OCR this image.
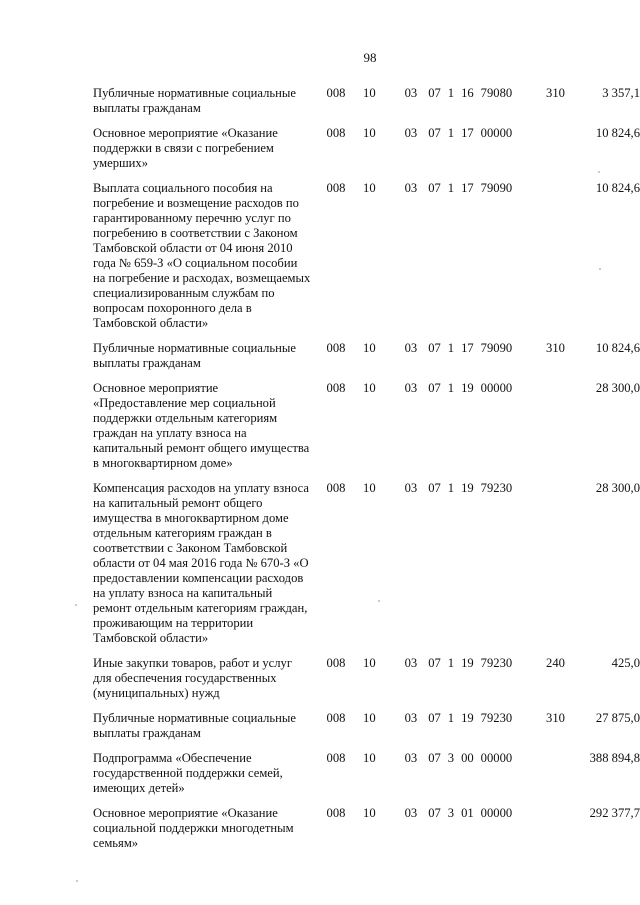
98
Публичные нормативные социальные выплаты гражданам	008	10	03	07 1 16 79080	310	3 357,1
Основное мероприятие «Оказание поддержки в связи с погребением умерших»	008	10	03	07 1 17 00000		10 824,6
Выплата социального пособия на погребение и возмещение расходов по гарантированному перечню услуг по погребению в соответствии с Законом Тамбовской области от 04 июня 2010 года № 659-З «О социальном пособии на погребение и расходах, возмещаемых специализированным службам по вопросам похоронного дела в Тамбовской области»	008	10	03	07 1 17 79090		10 824,6
Публичные нормативные социальные выплаты гражданам	008	10	03	07 1 17 79090	310	10 824,6
Основное мероприятие «Предоставление мер социальной поддержки отдельным категориям граждан на уплату взноса на капитальный ремонт общего имущества в многоквартирном доме»	008	10	03	07 1 19 00000		28 300,0
Компенсация расходов на уплату взноса на капитальный ремонт общего имущества в многоквартирном доме отдельным категориям граждан в соответствии с Законом Тамбовской области от 04 мая 2016 года № 670-З «О предоставлении компенсации расходов на уплату взноса на капитальный ремонт отдельным категориям граждан, проживающим на территории Тамбовской области»	008	10	03	07 1 19 79230		28 300,0
Иные закупки товаров, работ и услуг для обеспечения государственных (муниципальных) нужд	008	10	03	07 1 19 79230	240	425,0
Публичные нормативные социальные выплаты гражданам	008	10	03	07 1 19 79230	310	27 875,0
Подпрограмма «Обеспечение государственной поддержки семей, имеющих детей»	008	10	03	07 3 00 00000		388 894,8
Основное мероприятие «Оказание социальной поддержки многодетным семьям»	008	10	03	07 3 01 00000		292 377,7
